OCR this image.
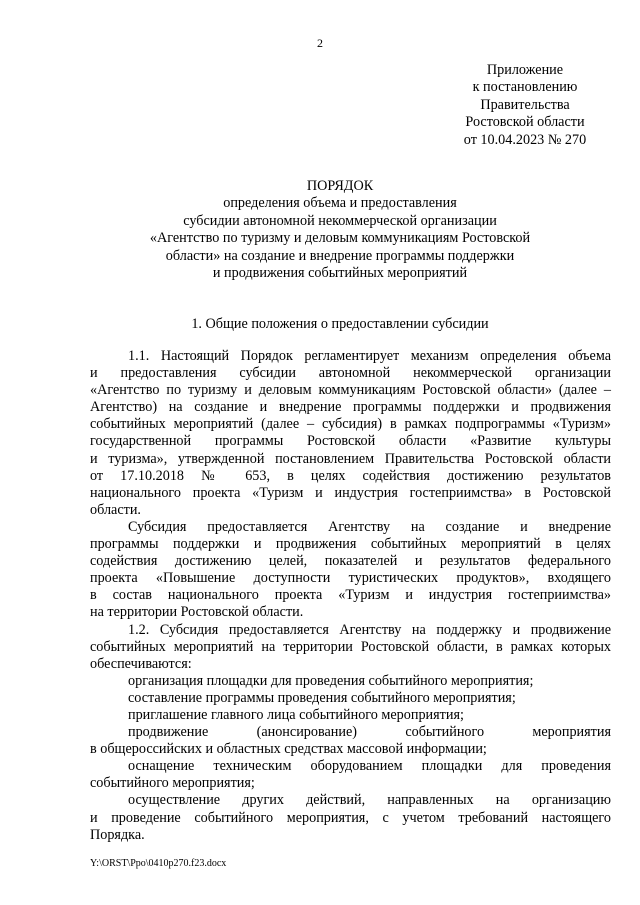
2
Приложение
к постановлению
Правительства
Ростовской области
от 10.04.2023 № 270
ПОРЯДОК
определения объема и предоставления
субсидии автономной некоммерческой организации
«Агентство по туризму и деловым коммуникациям Ростовской
области» на создание и внедрение программы поддержки
и продвижения событийных мероприятий
1. Общие положения о предоставлении субсидии
1.1. Настоящий Порядок регламентирует механизм определения объема
и предоставления субсидии автономной некоммерческой организации
«Агентство по туризму и деловым коммуникациям Ростовской области» (далее –
Агентство) на создание и внедрение программы поддержки и продвижения
событийных мероприятий (далее – субсидия) в рамках подпрограммы «Туризм»
государственной программы Ростовской области «Развитие культуры
и туризма», утвержденной постановлением Правительства Ростовской области
от 17.10.2018 № 653, в целях содействия достижению результатов
национального проекта «Туризм и индустрия гостеприимства» в Ростовской
области.
Субсидия предоставляется Агентству на создание и внедрение
программы поддержки и продвижения событийных мероприятий в целях
содействия достижению целей, показателей и результатов федерального
проекта «Повышение доступности туристических продуктов», входящего
в состав национального проекта «Туризм и индустрия гостеприимства»
на территории Ростовской области.
1.2. Субсидия предоставляется Агентству на поддержку и продвижение
событийных мероприятий на территории Ростовской области, в рамках которых
обеспечиваются:
организация площадки для проведения событийного мероприятия;
составление программы проведения событийного мероприятия;
приглашение главного лица событийного мероприятия;
продвижение (анонсирование) событийного мероприятия
в общероссийских и областных средствах массовой информации;
оснащение техническим оборудованием площадки для проведения
событийного мероприятия;
осуществление других действий, направленных на организацию
и проведение событийного мероприятия, с учетом требований настоящего
Порядка.
Y:\ORST\Ppo\0410p270.f23.docx
